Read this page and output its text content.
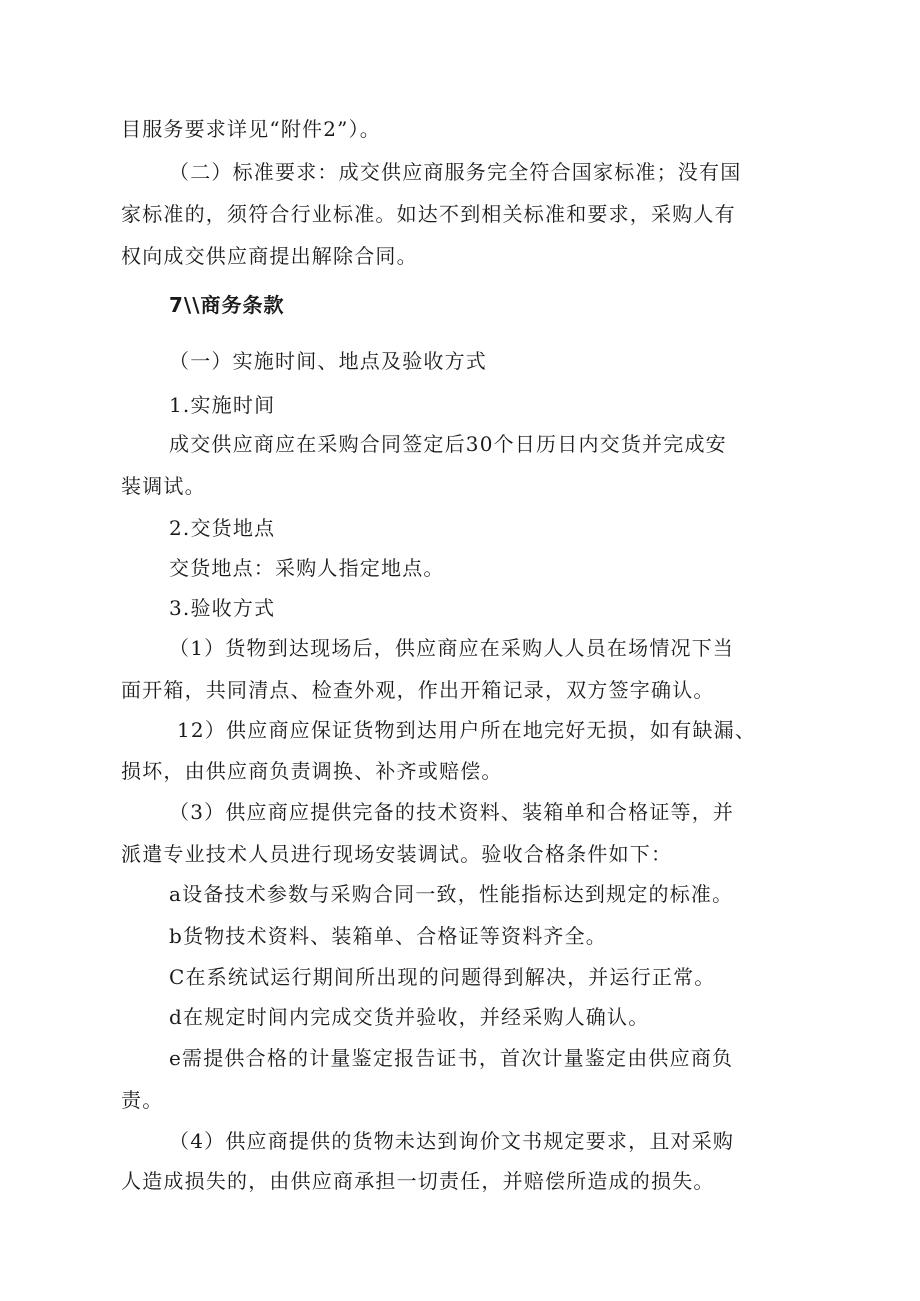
目服务要求详见“附件2”）。
（二）标准要求：成交供应商服务完全符合国家标准；没有国
家标准的，须符合行业标准。如达不到相关标准和要求，采购人有
权向成交供应商提出解除合同。
7\\商务条款
（一）实施时间、地点及验收方式
1.实施时间
成交供应商应在采购合同签定后30个日历日内交货并完成安
装调试。
2.交货地点
交货地点：采购人指定地点。
3.验收方式
（1）货物到达现场后，供应商应在采购人人员在场情况下当
面开箱，共同清点、检查外观，作出开箱记录，双方签字确认。
12）供应商应保证货物到达用户所在地完好无损，如有缺漏、
损坏，由供应商负责调换、补齐或赔偿。
（3）供应商应提供完备的技术资料、装箱单和合格证等，并
派遣专业技术人员进行现场安装调试。验收合格条件如下：
a设备技术参数与采购合同一致，性能指标达到规定的标准。
b货物技术资料、装箱单、合格证等资料齐全。
C在系统试运行期间所出现的问题得到解决，并运行正常。
d在规定时间内完成交货并验收，并经采购人确认。
e需提供合格的计量鉴定报告证书，首次计量鉴定由供应商负
责。
（4）供应商提供的货物未达到询价文书规定要求，且对采购
人造成损失的，由供应商承担一切责任，并赔偿所造成的损失。
